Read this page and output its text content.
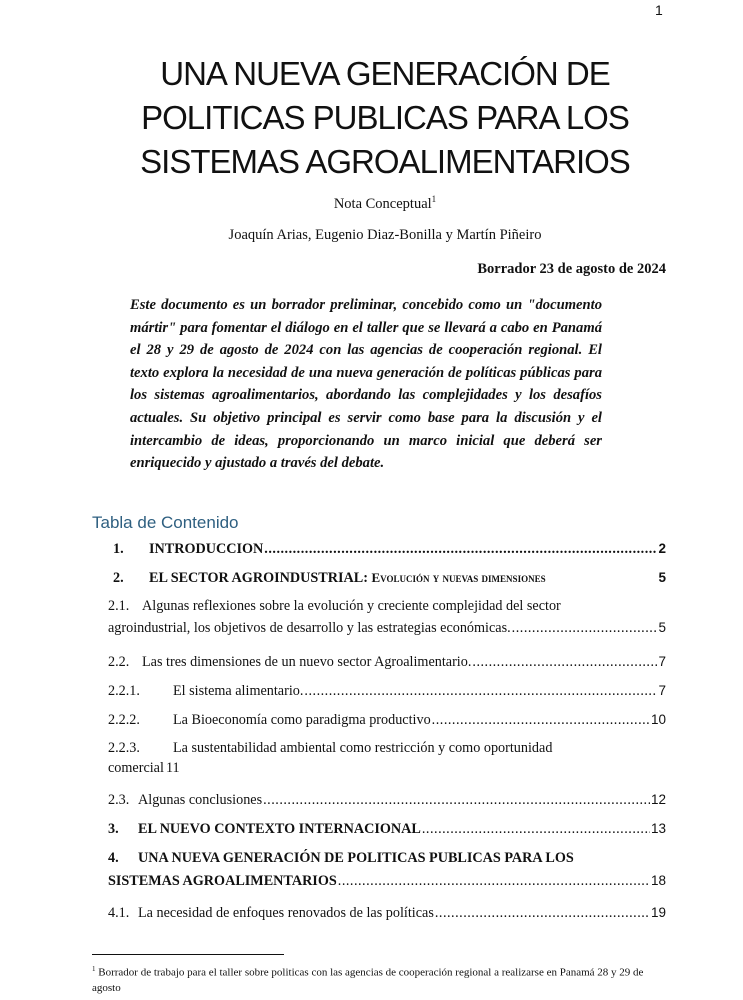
1
UNA NUEVA GENERACIÓN DE
POLITICAS PUBLICAS PARA LOS
SISTEMAS AGROALIMENTARIOS
Nota Conceptual$^1$
Joaquín Arias, Eugenio Diaz-Bonilla y Martín Piñeiro
Borrador 23 de agosto de 2024
Este documento es un borrador preliminar, concebido como un "documento mártir" para fomentar el diálogo en el taller que se llevará a cabo en Panamá el 28 y 29 de agosto de 2024 con las agencias de cooperación regional. El texto explora la necesidad de una nueva generación de políticas públicas para los sistemas agroalimentarios, abordando las complejidades y los desafíos actuales. Su objetivo principal es servir como base para la discusión y el intercambio de ideas, proporcionando un marco inicial que deberá ser enriquecido y ajustado a través del debate.
Tabla de Contenido
1.	INTRODUCCION .....	2
2.	EL SECTOR AGROINDUSTRIAL:
Evolución y nuevas dimensiones	5
2.1. Algunas reflexiones sobre la evolución y creciente complejidad del sector
agroindustrial, los objetivos de desarrollo y las estrategias económicas. .....	5
2.2. Las tres dimensiones de un nuevo sector Agroalimentario. .....	7
2.2.1.	El sistema alimentario. .....	7
2.2.2.	La Bioeconomía como paradigma productivo .....	10
2.2.3. La sustentabilidad ambiental como restricción y como oportunidad
comercial 11
2.3. Algunas conclusiones .....	12
3.	EL NUEVO CONTEXTO INTERNACIONAL .....	13
4. UNA NUEVA GENERACIÓN DE POLITICAS PUBLICAS PARA LOS
SISTEMAS AGROALIMENTARIOS .....	18
4.1. La necesidad de enfoques renovados de las políticas .....	19
$^1$ Borrador de trabajo para el taller sobre politicas con las agencias de cooperación regional a realizarse en Panamá 28 y 29 de agosto
